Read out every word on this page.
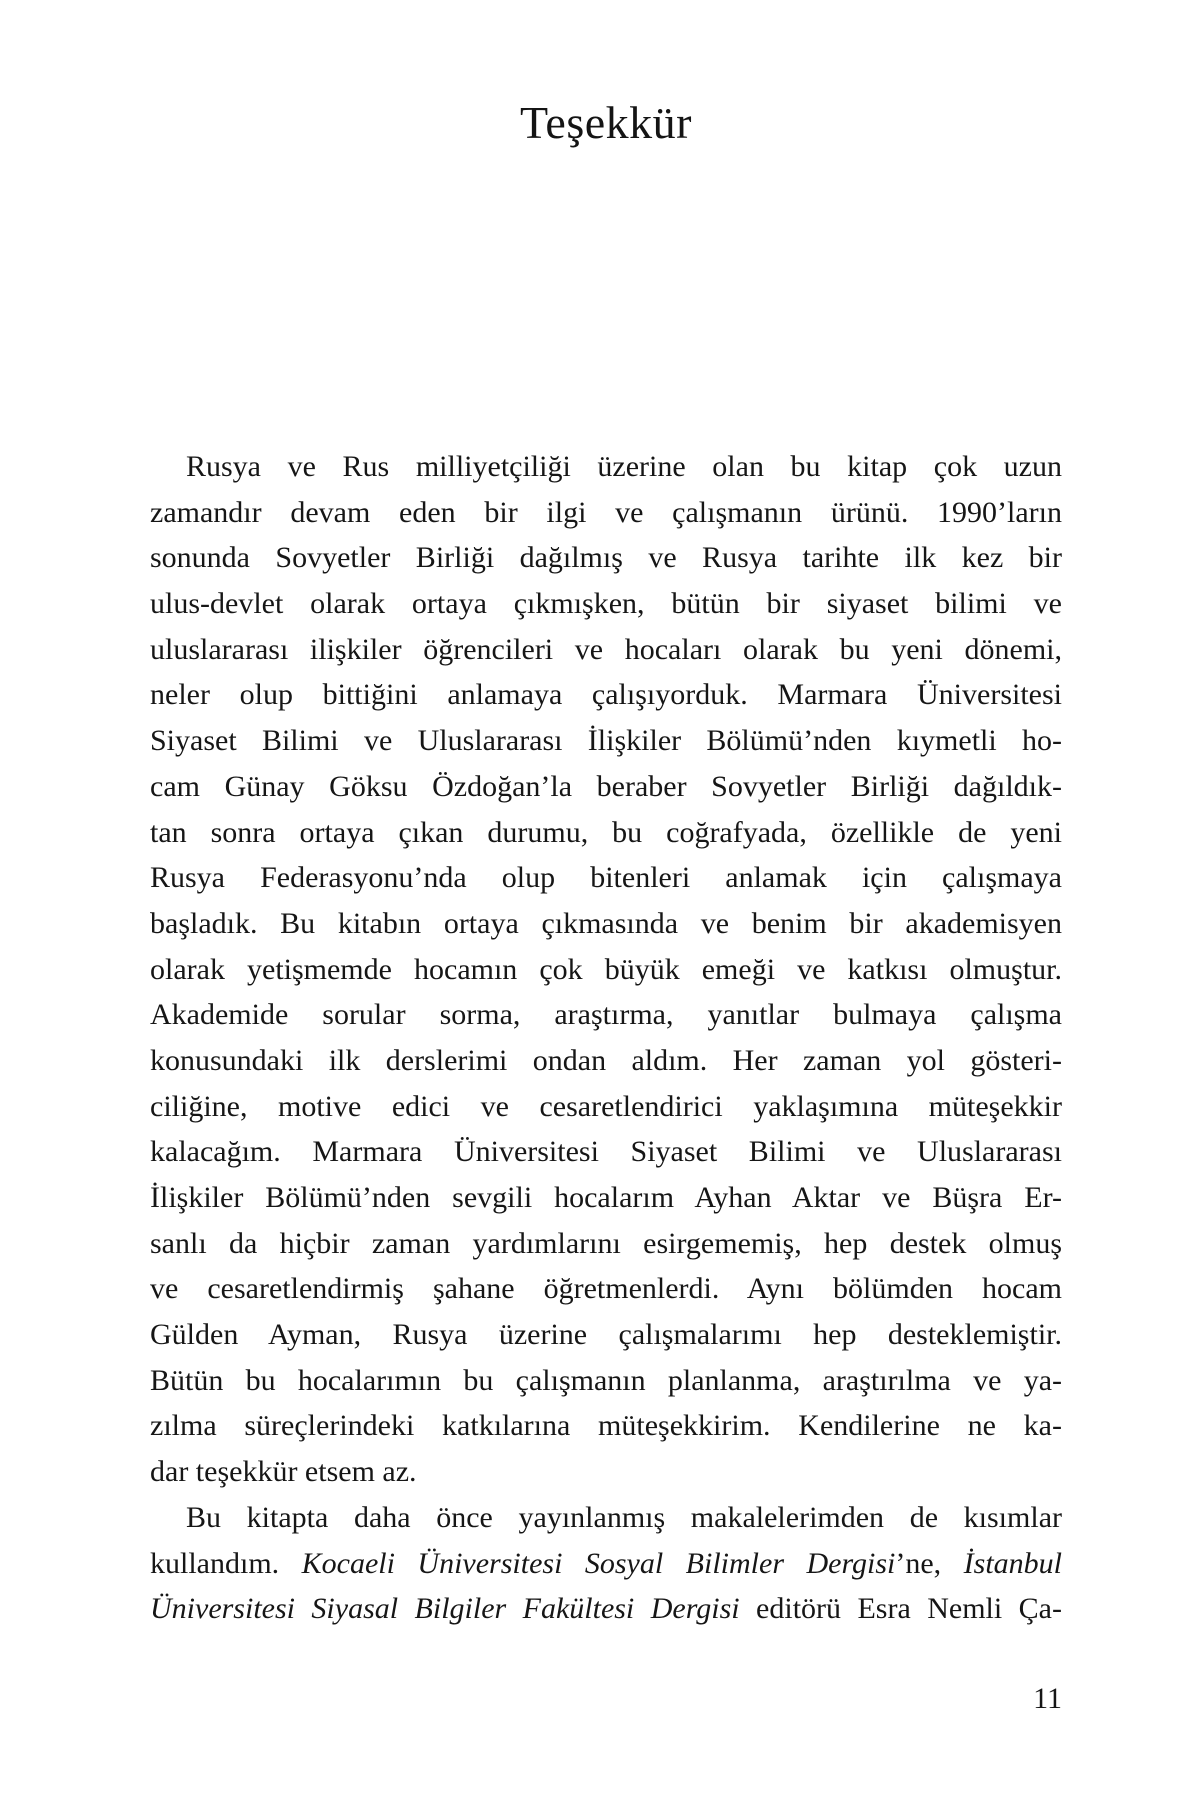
Teşekkür
Rusya ve Rus milliyetçiliği üzerine olan bu kitap çok uzun
zamandır devam eden bir ilgi ve çalışmanın ürünü. 1990’ların
sonunda Sovyetler Birliği dağılmış ve Rusya tarihte ilk kez bir
ulus-devlet olarak ortaya çıkmışken, bütün bir siyaset bilimi ve
uluslararası ilişkiler öğrencileri ve hocaları olarak bu yeni dönemi,
neler olup bittiğini anlamaya çalışıyorduk. Marmara Üniversitesi
Siyaset Bilimi ve Uluslararası İlişkiler Bölümü’nden kıymetli ho-
cam Günay Göksu Özdoğan’la beraber Sovyetler Birliği dağıldık-
tan sonra ortaya çıkan durumu, bu coğrafyada, özellikle de yeni
Rusya Federasyonu’nda olup bitenleri anlamak için çalışmaya
başladık. Bu kitabın ortaya çıkmasında ve benim bir akademisyen
olarak yetişmemde hocamın çok büyük emeği ve katkısı olmuştur.
Akademide sorular sorma, araştırma, yanıtlar bulmaya çalışma
konusundaki ilk derslerimi ondan aldım. Her zaman yol gösteri-
ciliğine, motive edici ve cesaretlendirici yaklaşımına müteşekkir
kalacağım. Marmara Üniversitesi Siyaset Bilimi ve Uluslararası
İlişkiler Bölümü’nden sevgili hocalarım Ayhan Aktar ve Büşra Er-
sanlı da hiçbir zaman yardımlarını esirgememiş, hep destek olmuş
ve cesaretlendirmiş şahane öğretmenlerdi. Aynı bölümden hocam
Gülden Ayman, Rusya üzerine çalışmalarımı hep desteklemiştir.
Bütün bu hocalarımın bu çalışmanın planlanma, araştırılma ve ya-
zılma süreçlerindeki katkılarına müteşekkirim. Kendilerine ne ka-
dar teşekkür etsem az.
Bu kitapta daha önce yayınlanmış makalelerimden de kısımlar
kullandım. Kocaeli Üniversitesi Sosyal Bilimler Dergisi’ne, İstanbul
Üniversitesi Siyasal Bilgiler Fakültesi Dergisi editörü Esra Nemli Ça-
11
